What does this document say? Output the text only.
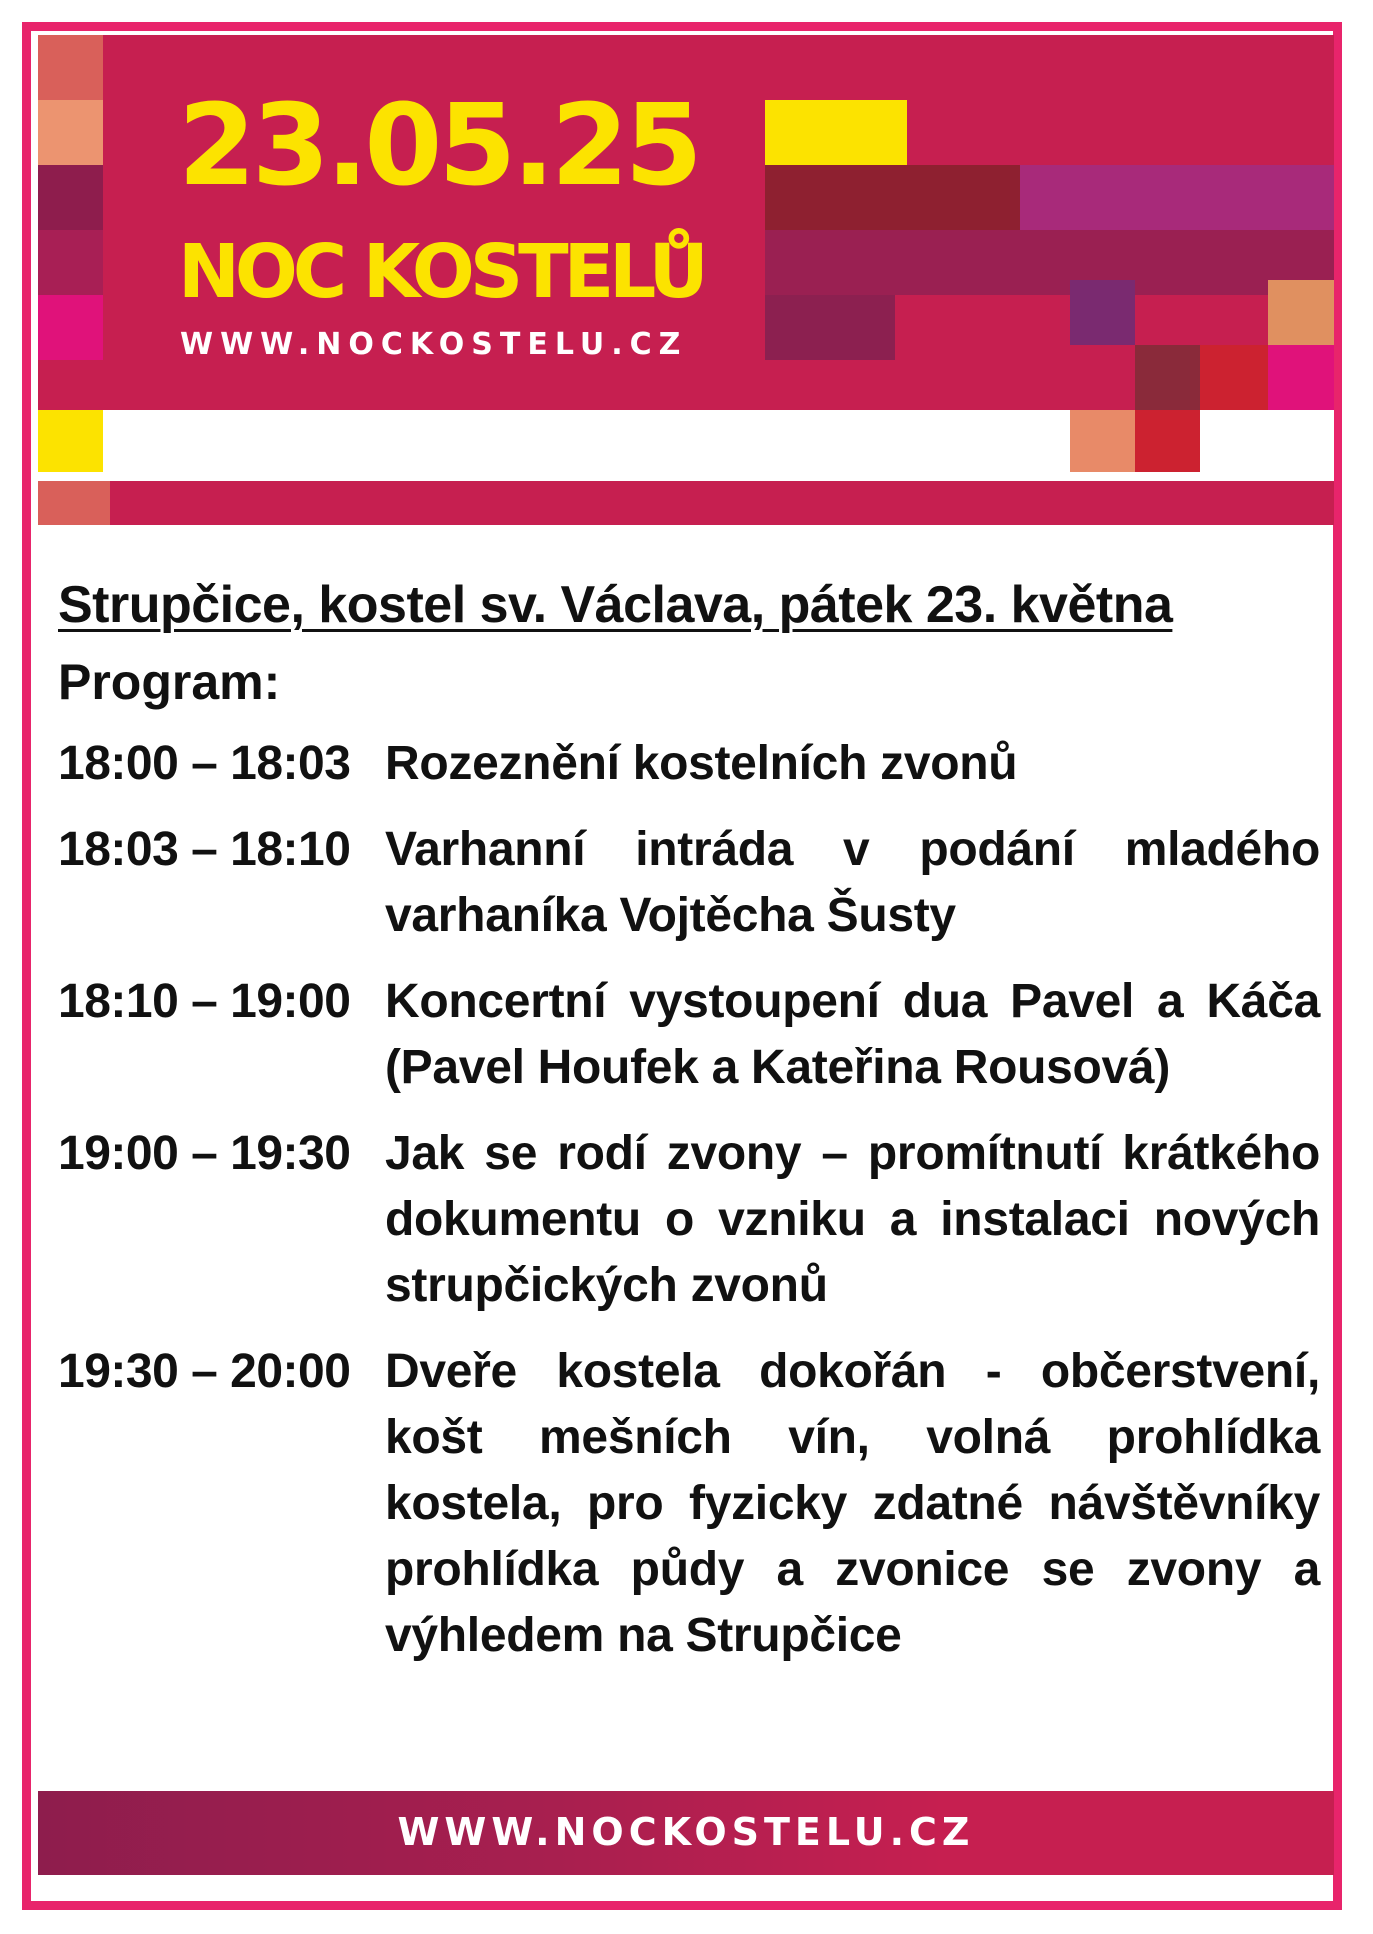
23.05.25
NOC KOSTELŮ
WWW.NOCKOSTELU.CZ
Strupčice, kostel sv. Václava, pátek 23. května
Program:
18:00 – 18:03 Rozeznění kostelních zvonů
18:03 – 18:10 Varhanní intráda v podání mladého varhaníka Vojtěcha Šusty
18:10 – 19:00 Koncertní vystoupení dua Pavel a Káča (Pavel Houfek a Kateřina Rousová)
19:00 – 19:30 Jak se rodí zvony – promítnutí krátkého dokumentu o vzniku a instalaci nových strupčických zvonů
19:30 – 20:00 Dveře kostela dokořán - občerstvení, košt mešních vín, volná prohlídka kostela, pro fyzicky zdatné návštěvníky prohlídka půdy a zvonice se zvony a výhledem na Strupčice
WWW.NOCKOSTELU.CZ
